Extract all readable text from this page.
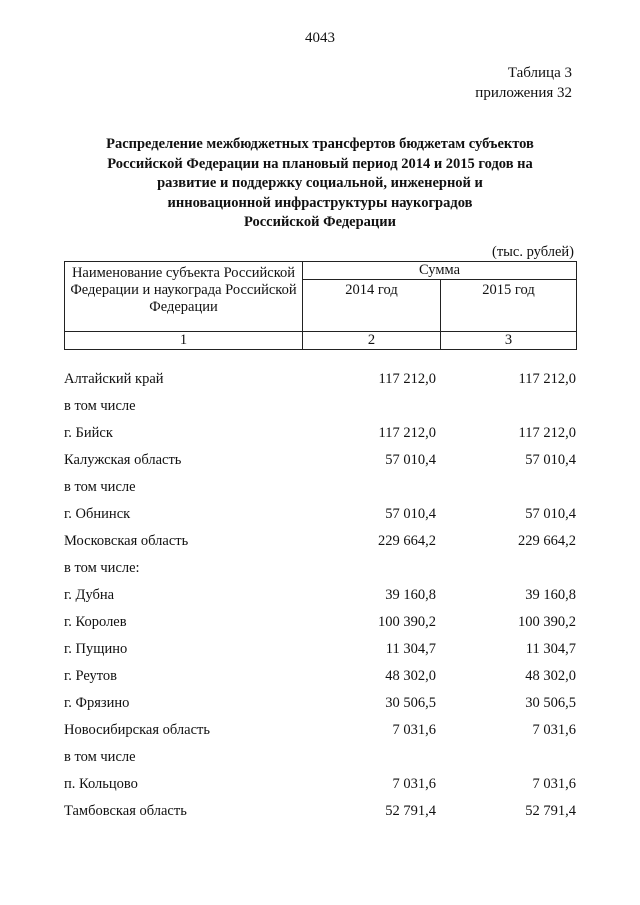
4043
Таблица 3
приложения 32
Распределение межбюджетных трансфертов бюджетам субъектов
Российской Федерации на плановый период 2014 и 2015 годов на
развитие и поддержку социальной, инженерной и
инновационной инфраструктуры наукоградов
Российской Федерации
(тыс. рублей)
Наименование субъекта Российской Федерации и наукограда Российской Федерации	Сумма	
	2014 год	2015 год
1	2	3
Алтайский край	117 212,0	117 212,0
в том числе
г. Бийск	117 212,0	117 212,0
Калужская область	57 010,4	57 010,4
в том числе
г. Обнинск	57 010,4	57 010,4
Московская область	229 664,2	229 664,2
в том числе:
г. Дубна	39 160,8	39 160,8
г. Королев	100 390,2	100 390,2
г. Пущино	11 304,7	11 304,7
г. Реутов	48 302,0	48 302,0
г. Фрязино	30 506,5	30 506,5
Новосибирская область	7 031,6	7 031,6
в том числе
п. Кольцово	7 031,6	7 031,6
Тамбовская область	52 791,4	52 791,4
